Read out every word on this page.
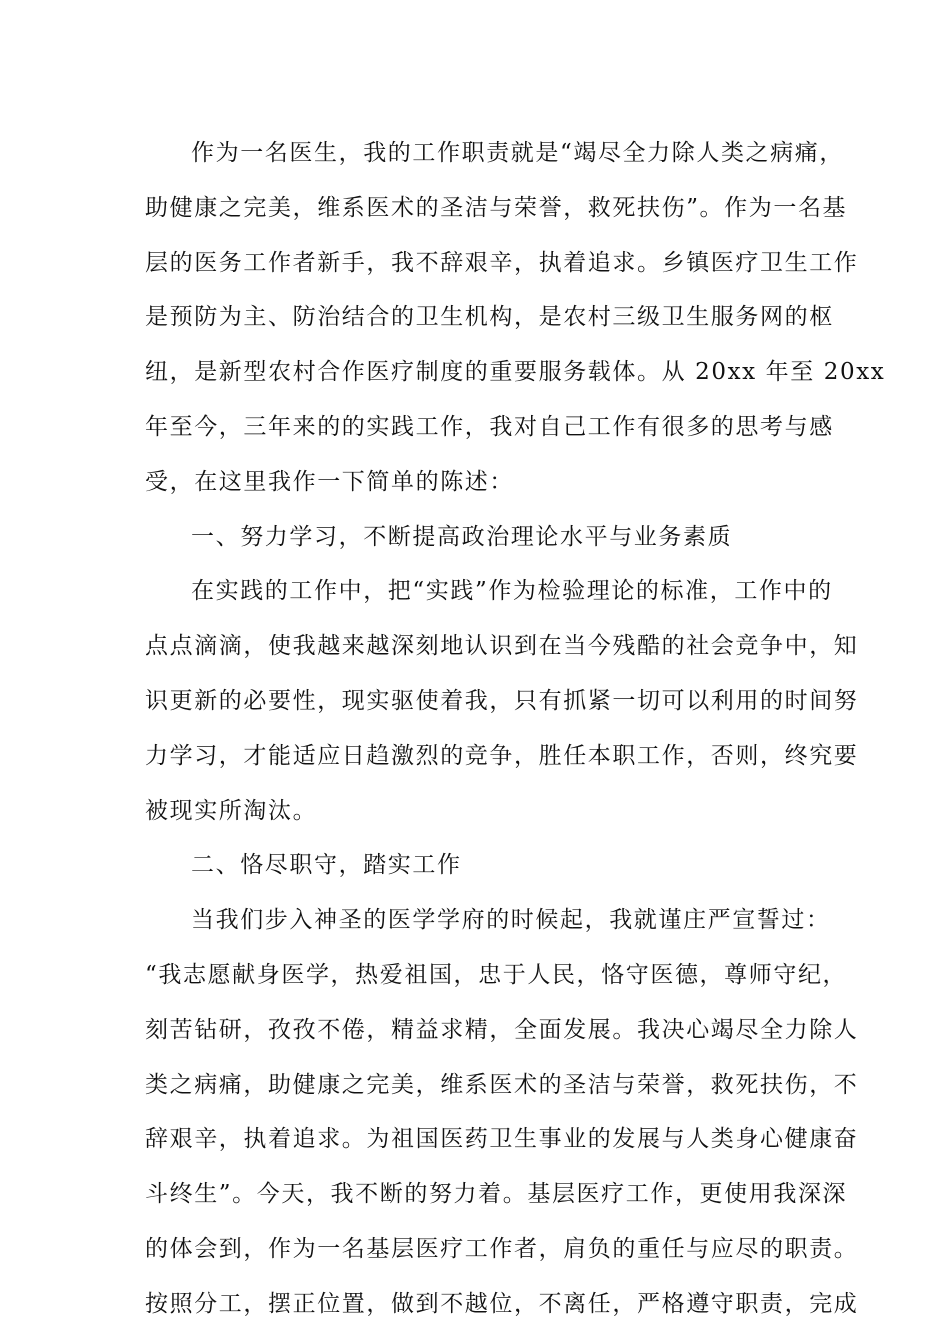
作为一名医生，我的工作职责就是“竭尽全力除人类之病痛，
助健康之完美，维系医术的圣洁与荣誉，救死扶伤”。作为一名基
层的医务工作者新手，我不辞艰辛，执着追求。乡镇医疗卫生工作
是预防为主、防治结合的卫生机构，是农村三级卫生服务网的枢
纽，是新型农村合作医疗制度的重要服务载体。从 20xx 年至 20xx
年至今，三年来的的实践工作，我对自己工作有很多的思考与感
受，在这里我作一下简单的陈述：
一、努力学习，不断提高政治理论水平与业务素质
在实践的工作中，把“实践”作为检验理论的标准，工作中的
点点滴滴，使我越来越深刻地认识到在当今残酷的社会竞争中，知
识更新的必要性，现实驱使着我，只有抓紧一切可以利用的时间努
力学习，才能适应日趋激烈的竞争，胜任本职工作，否则，终究要
被现实所淘汰。
二、恪尽职守，踏实工作
当我们步入神圣的医学学府的时候起，我就谨庄严宣誓过：
“我志愿献身医学，热爱祖国，忠于人民，恪守医德，尊师守纪，
刻苦钻研，孜孜不倦，精益求精，全面发展。我决心竭尽全力除人
类之病痛，助健康之完美，维系医术的圣洁与荣誉，救死扶伤，不
辞艰辛，执着追求。为祖国医药卫生事业的发展与人类身心健康奋
斗终生”。今天，我不断的努力着。基层医疗工作，更使用我深深
的体会到，作为一名基层医疗工作者，肩负的重任与应尽的职责。
按照分工，摆正位置，做到不越位，不离任，严格遵守职责，完成
